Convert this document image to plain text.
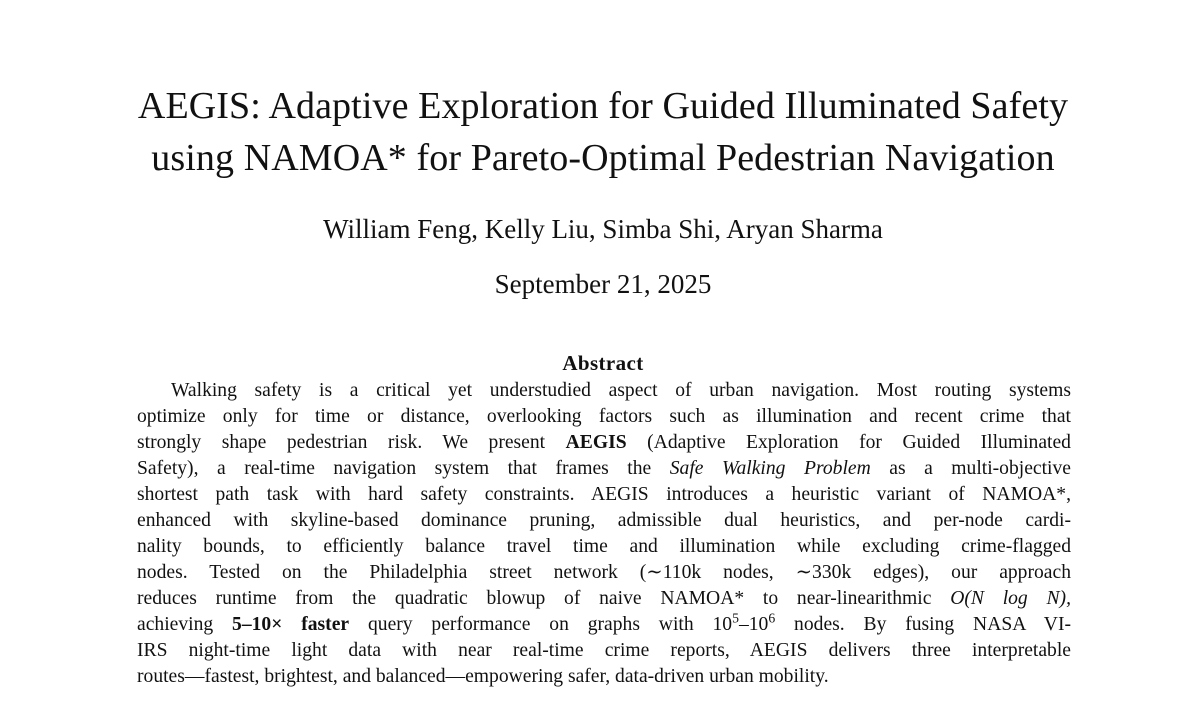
AEGIS: Adaptive Exploration for Guided Illuminated Safety
using NAMOA* for Pareto-Optimal Pedestrian Navigation
William Feng, Kelly Liu, Simba Shi, Aryan Sharma
September 21, 2025
Abstract
Walking safety is a critical yet understudied aspect of urban navigation. Most routing systems
optimize only for time or distance, overlooking factors such as illumination and recent crime that
strongly shape pedestrian risk. We present AEGIS (Adaptive Exploration for Guided Illuminated
Safety), a real-time navigation system that frames the Safe Walking Problem as a multi-objective
shortest path task with hard safety constraints. AEGIS introduces a heuristic variant of NAMOA*,
enhanced with skyline-based dominance pruning, admissible dual heuristics, and per-node cardi-
nality bounds, to efficiently balance travel time and illumination while excluding crime-flagged
nodes. Tested on the Philadelphia street network (∼110k nodes, ∼330k edges), our approach
reduces runtime from the quadratic blowup of naive NAMOA* to near-linearithmic O(N log N),
achieving 5–10× faster query performance on graphs with $10^5-10^6$ nodes. By fusing NASA VI-
IRS night-time light data with near real-time crime reports, AEGIS delivers three interpretable
routes—fastest, brightest, and balanced—empowering safer, data-driven urban mobility.
